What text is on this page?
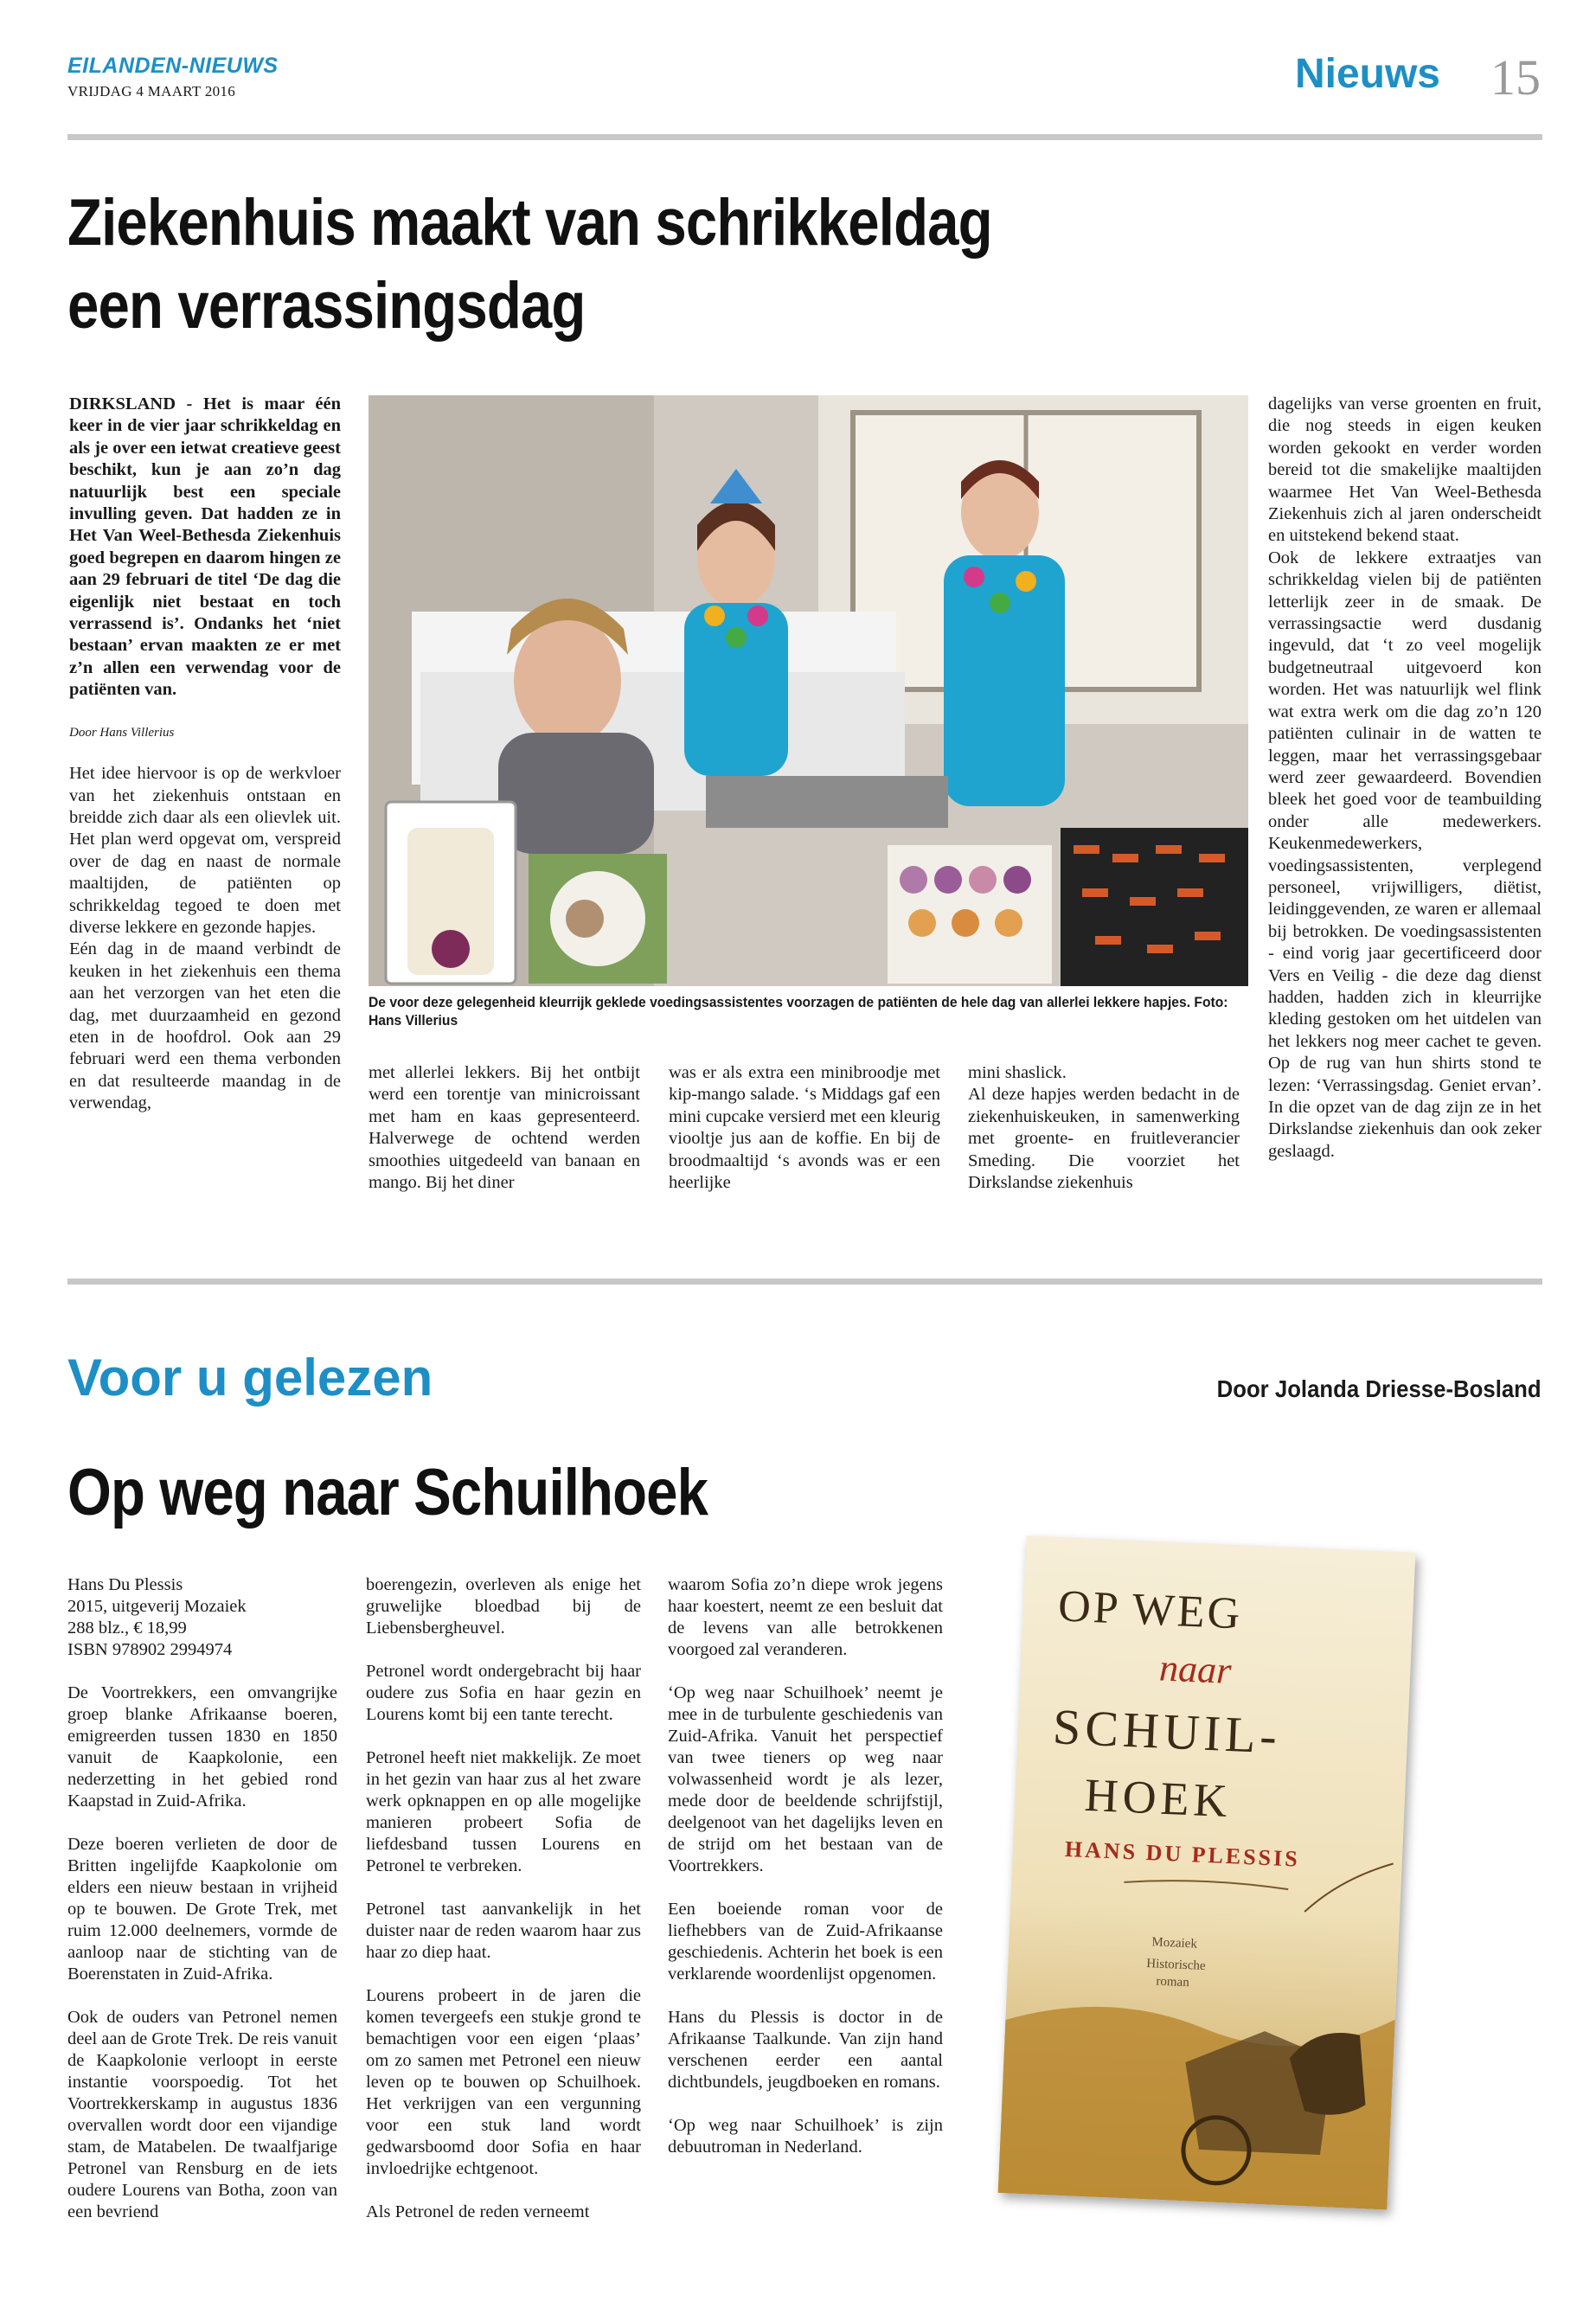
EILANDEN-NIEUWS
VRIJDAG 4 MAART 2016	Nieuws 15
Ziekenhuis maakt van schrikkeldag
een verrassingsdag

DIRKSLAND - Het is maar één keer in de vier jaar schrikkeldag en als je over een ietwat creatieve geest beschikt, kun je aan zo’n dag natuurlijk best een speciale invulling geven. Dat hadden ze in Het Van Weel-Bethesda Ziekenhuis goed begrepen en daarom hingen ze aan 29 februari de titel ‘De dag die eigenlijk niet bestaat en toch verrassend is’. Ondanks het ‘niet bestaan’ ervan maakten ze er met z’n allen een verwendag voor de patiënten van.

Door Hans Villerius

Het idee hiervoor is op de werkvloer van het ziekenhuis ontstaan en breidde zich daar als een olievlek uit. Het plan werd opgevat om, verspreid over de dag en naast de normale maaltijden, de patiënten op schrikkeldag tegoed te doen met diverse lekkere en gezonde hapjes.

Eén dag in de maand verbindt de keuken in het ziekenhuis een thema aan het verzorgen van het eten die dag, met duurzaamheid en gezond eten in de hoofdrol. Ook aan 29 februari werd een thema verbonden en dat resulteerde maandag in de verwendag,

De voor deze gelegenheid kleurrijk geklede voedingsassistentes voorzagen de patiënten de hele dag van allerlei lekkere hapjes. Foto: Hans Villerius

met allerlei lekkers. Bij het ontbijt werd een torentje van minicroissant met ham en kaas gepresenteerd. Halverwege de ochtend werden smoothies uitgedeeld van banaan en mango. Bij het diner

was er als extra een minibroodje met kip-mango salade. ‘s Middags gaf een mini cupcake versierd met een kleurig viooltje jus aan de koffie. En bij de broodmaaltijd ‘s avonds was er een heerlijke

mini shaslick.

Al deze hapjes werden bedacht in de ziekenhuiskeuken, in samenwerking met groente- en fruitleverancier Smeding. Die voorziet het Dirkslandse ziekenhuis

dagelijks van verse groenten en fruit, die nog steeds in eigen keuken worden gekookt en verder worden bereid tot die smakelijke maaltijden waarmee Het Van Weel-Bethesda Ziekenhuis zich al jaren onderscheidt en uitstekend bekend staat.

Ook de lekkere extraatjes van schrikkeldag vielen bij de patiënten letterlijk zeer in de smaak. De verrassingsactie werd dusdanig ingevuld, dat ‘t zo veel mogelijk budgetneutraal uitgevoerd kon worden. Het was natuurlijk wel flink wat extra werk om die dag zo’n 120 patiënten culinair in de watten te leggen, maar het verrassingsgebaar werd zeer gewaardeerd. Bovendien bleek het goed voor de teambuilding onder alle medewerkers. Keukenmedewerkers, voedingsassistenten, verplegend personeel, vrijwilligers, diëtist, leidinggevenden, ze waren er allemaal bij betrokken. De voedingsassistenten - eind vorig jaar gecertificeerd door Vers en Veilig - die deze dag dienst hadden, hadden zich in kleurrijke kleding gestoken om het uitdelen van het lekkers nog meer cachet te geven. Op de rug van hun shirts stond te lezen: ‘Verrassingsdag. Geniet ervan’. In die opzet van de dag zijn ze in het Dirkslandse ziekenhuis dan ook zeker geslaagd.

Voor u gelezen	Door Jolanda Driesse-Bosland
Op weg naar Schuilhoek

Hans Du Plessis
2015, uitgeverij Mozaiek
288 blz., € 18,99
ISBN 978902 2994974

De Voortrekkers, een omvangrijke groep blanke Afrikaanse boeren, emigreerden tussen 1830 en 1850 vanuit de Kaapkolonie, een nederzetting in het gebied rond Kaapstad in Zuid-Afrika.

Deze boeren verlieten de door de Britten ingelijfde Kaapkolonie om elders een nieuw bestaan in vrijheid op te bouwen. De Grote Trek, met ruim 12.000 deelnemers, vormde de aanloop naar de stichting van de Boerenstaten in Zuid-Afrika.

Ook de ouders van Petronel nemen deel aan de Grote Trek. De reis vanuit de Kaapkolonie verloopt in eerste instantie voorspoedig. Tot het Voortrekkerskamp in augustus 1836 overvallen wordt door een vijandige stam, de Matabelen. De twaalfjarige Petronel van Rensburg en de iets oudere Lourens van Botha, zoon van een bevriend

boerengezin, overleven als enige het gruwelijke bloedbad bij de Liebensbergheuvel.

Petronel wordt ondergebracht bij haar oudere zus Sofia en haar gezin en Lourens komt bij een tante terecht.

Petronel heeft niet makkelijk. Ze moet in het gezin van haar zus al het zware werk opknappen en op alle mogelijke manieren probeert Sofia de liefdesband tussen Lourens en Petronel te verbreken.

Petronel tast aanvankelijk in het duister naar de reden waarom haar zus haar zo diep haat.

Lourens probeert in de jaren die komen tevergeefs een stukje grond te bemachtigen voor een eigen ‘plaas’ om zo samen met Petronel een nieuw leven op te bouwen op Schuilhoek. Het verkrijgen van een vergunning voor een stuk land wordt gedwarsboomd door Sofia en haar invloedrijke echtgenoot.

Als Petronel de reden verneemt

waarom Sofia zo’n diepe wrok jegens haar koestert, neemt ze een besluit dat de levens van alle betrokkenen voorgoed zal veranderen.

‘Op weg naar Schuilhoek’ neemt je mee in de turbulente geschiedenis van Zuid-Afrika. Vanuit het perspectief van twee tieners op weg naar volwassenheid wordt je als lezer, mede door de beeldende schrijfstijl, deelgenoot van het dagelijks leven en de strijd om het bestaan van de Voortrekkers.

Een boeiende roman voor de liefhebbers van de Zuid-Afrikaanse geschiedenis. Achterin het boek is een verklarende woordenlijst opgenomen.

Hans du Plessis is doctor in de Afrikaanse Taalkunde. Van zijn hand verschenen eerder een aantal dichtbundels, jeugdboeken en romans.

‘Op weg naar Schuilhoek’ is zijn debuutroman in Nederland.

OP WEG
naar
SCHUIL-
HOEK
HANS DU PLESSIS
Mozaiek
Historische
roman
